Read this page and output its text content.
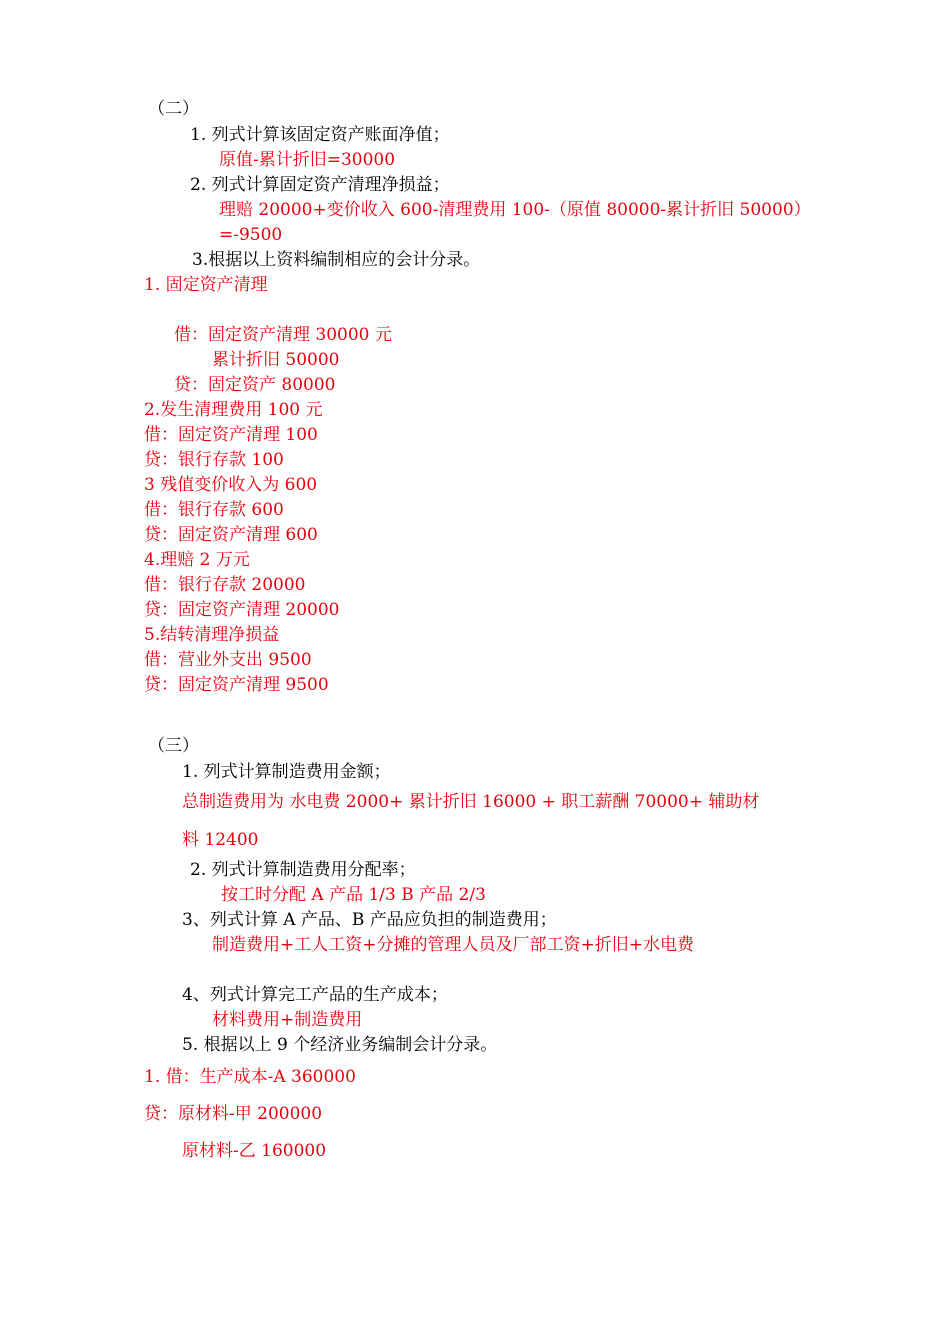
（二）
1. 列式计算该固定资产账面净值；
原值-累计折旧=30000
2. 列式计算固定资产清理净损益；
理赔 20000+变价收入 600-清理费用 100-（原值 80000-累计折旧 50000）
=-9500
3.根据以上资料编制相应的会计分录。
1. 固定资产清理
借：固定资产清理 30000 元
累计折旧 50000
贷：固定资产 80000
2.发生清理费用 100 元
借：固定资产清理 100
贷：银行存款 100
3 残值变价收入为 600
借：银行存款 600
贷：固定资产清理 600
4.理赔 2 万元
借：银行存款 20000
贷：固定资产清理 20000
5.结转清理净损益
借：营业外支出 9500
贷：固定资产清理 9500
（三）
1. 列式计算制造费用金额；
总制造费用为 水电费 2000+ 累计折旧 16000 + 职工薪酬 70000+ 辅助材
料 12400
2. 列式计算制造费用分配率；
按工时分配 A 产品 1/3 B 产品 2/3
3、列式计算 A 产品、B 产品应负担的制造费用；
制造费用+工人工资+分摊的管理人员及厂部工资+折旧+水电费
4、列式计算完工产品的生产成本；
材料费用+制造费用
5. 根据以上 9 个经济业务编制会计分录。
1. 借：生产成本-A 360000
贷：原材料-甲 200000
原材料-乙 160000
